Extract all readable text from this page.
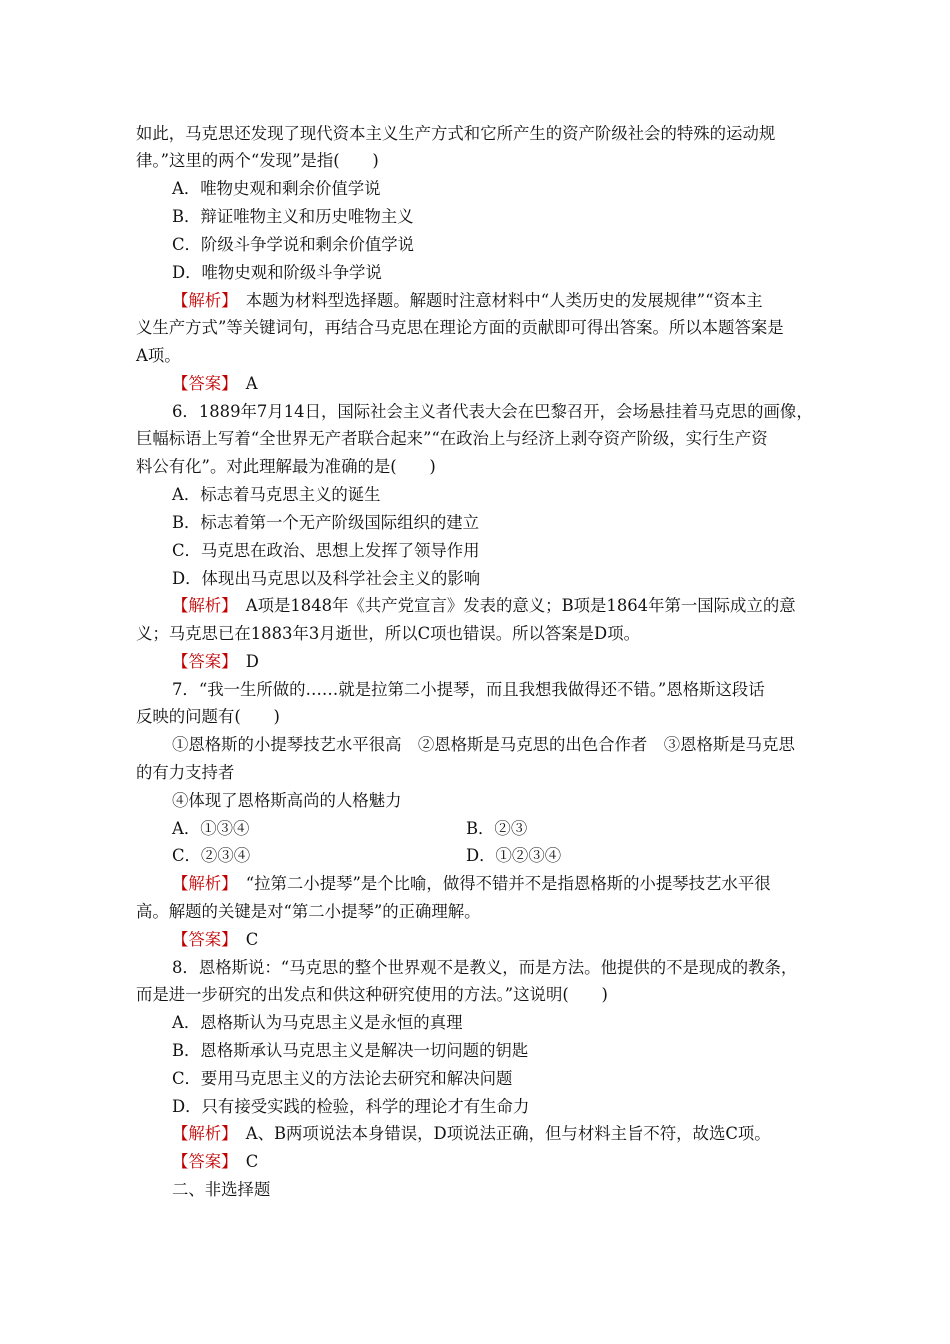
如此，马克思还发现了现代资本主义生产方式和它所产生的资产阶级社会的特殊的运动规
律。”这里的两个“发现”是指(　　)
A．唯物史观和剩余价值学说
B．辩证唯物主义和历史唯物主义
C．阶级斗争学说和剩余价值学说
D．唯物史观和阶级斗争学说
【解析】　本题为材料型选择题。解题时注意材料中“人类历史的发展规律”“资本主
义生产方式”等关键词句，再结合马克思在理论方面的贡献即可得出答案。所以本题答案是
A项。
【答案】　A
6．1889年7月14日，国际社会主义者代表大会在巴黎召开，会场悬挂着马克思的画像，
巨幅标语上写着“全世界无产者联合起来”“在政治上与经济上剥夺资产阶级，实行生产资
料公有化”。对此理解最为准确的是(　　)
A．标志着马克思主义的诞生
B．标志着第一个无产阶级国际组织的建立
C．马克思在政治、思想上发挥了领导作用
D．体现出马克思以及科学社会主义的影响
【解析】　A项是1848年《共产党宣言》发表的意义；B项是1864年第一国际成立的意
义；马克思已在1883年3月逝世，所以C项也错误。所以答案是D项。
【答案】　D
7．“我一生所做的……就是拉第二小提琴，而且我想我做得还不错。”恩格斯这段话
反映的问题有(　　)
①恩格斯的小提琴技艺水平很高　②恩格斯是马克思的出色合作者　③恩格斯是马克思
的有力支持者
④体现了恩格斯高尚的人格魅力
A．①③④	B．②③
C．②③④	D．①②③④
【解析】　“拉第二小提琴”是个比喻，做得不错并不是指恩格斯的小提琴技艺水平很
高。解题的关键是对“第二小提琴”的正确理解。
【答案】　C
8．恩格斯说：“马克思的整个世界观不是教义，而是方法。他提供的不是现成的教条，
而是进一步研究的出发点和供这种研究使用的方法。”这说明(　　)
A．恩格斯认为马克思主义是永恒的真理
B．恩格斯承认马克思主义是解决一切问题的钥匙
C．要用马克思主义的方法论去研究和解决问题
D．只有接受实践的检验，科学的理论才有生命力
【解析】　A、B两项说法本身错误，D项说法正确，但与材料主旨不符，故选C项。
【答案】　C
二、非选择题
